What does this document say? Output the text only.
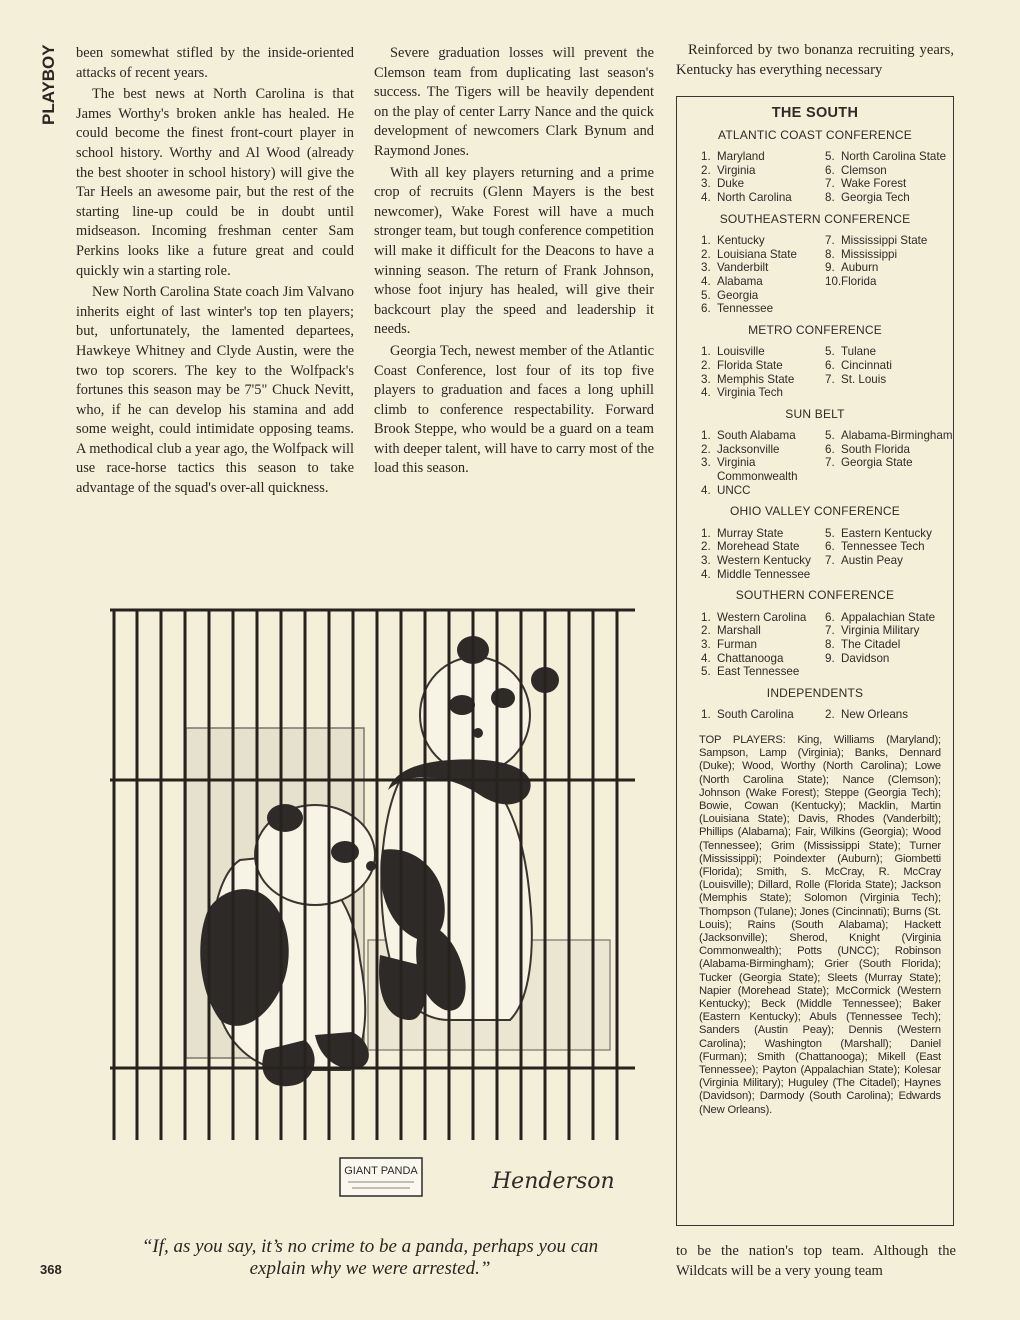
PLAYBOY been somewhat stifled by the inside-oriented attacks of recent years.

The best news at North Carolina is that James Worthy's broken ankle has healed. He could become the finest front-court player in school history. Worthy and Al Wood (already the best shooter in school history) will give the Tar Heels an awesome pair, but the rest of the starting line-up could be in doubt until midseason. Incoming freshman center Sam Perkins looks like a future great and could quickly win a starting role.

New North Carolina State coach Jim Valvano inherits eight of last winter's top ten players; but, unfortunately, the lamented departees, Hawkeye Whitney and Clyde Austin, were the two top scorers. The key to the Wolfpack's fortunes this season may be 7'5" Chuck Nevitt, who, if he can develop his stamina and add some weight, could intimidate opposing teams. A methodical club a year ago, the Wolfpack will use race-horse tactics this season to take advantage of the squad's over-all quickness.

Severe graduation losses will prevent the Clemson team from duplicating last season's success. The Tigers will be heavily dependent on the play of center Larry Nance and the quick development of newcomers Clark Bynum and Raymond Jones.

With all key players returning and a prime crop of recruits (Glenn Mayers is the best newcomer), Wake Forest will have a much stronger team, but tough conference competition will make it difficult for the Deacons to have a winning season. The return of Frank Johnson, whose foot injury has healed, will give their backcourt play the speed and leadership it needs.

Georgia Tech, newest member of the Atlantic Coast Conference, lost four of its top five players to graduation and faces a long uphill climb to conference respectability. Forward Brook Steppe, who would be a guard on a team with deeper talent, will have to carry most of the load this season.

Reinforced by two bonanza recruiting years, Kentucky has everything necessary

THE SOUTH
ATLANTIC COAST CONFERENCE
1. Maryland
2. Virginia
3. Duke
4. North Carolina
5. North Carolina State
6. Clemson
7. Wake Forest
8. Georgia Tech
SOUTHEASTERN CONFERENCE
1. Kentucky
2. Louisiana State
3. Vanderbilt
4. Alabama
5. Georgia
6. Tennessee
7. Mississippi State
8. Mississippi
9. Auburn
10. Florida
METRO CONFERENCE
1. Louisville
2. Florida State
3. Memphis State
4. Virginia Tech
5. Tulane
6. Cincinnati
7. St. Louis
SUN BELT
1. South Alabama
2. Jacksonville
3. Virginia Commonwealth
4. UNCC
5. Alabama-Birmingham
6. South Florida
7. Georgia State
OHIO VALLEY CONFERENCE
1. Murray State
2. Morehead State
3. Western Kentucky
4. Middle Tennessee
5. Eastern Kentucky
6. Tennessee Tech
7. Austin Peay
SOUTHERN CONFERENCE
1. Western Carolina
2. Marshall
3. Furman
4. Chattanooga
5. East Tennessee
6. Appalachian State
7. Virginia Military
8. The Citadel
9. Davidson
INDEPENDENTS
1. South Carolina	2. New Orleans
TOP PLAYERS: King, Williams (Maryland); Sampson, Lamp (Virginia); Banks, Dennard (Duke); Wood, Worthy (North Carolina); Lowe (North Carolina State); Nance (Clemson); Johnson (Wake Forest); Steppe (Georgia Tech); Bowie, Cowan (Kentucky); Macklin, Martin (Louisiana State); Davis, Rhodes (Vanderbilt); Phillips (Alabama); Fair, Wilkins (Georgia); Wood (Tennessee); Grim (Mississippi State); Turner (Mississippi); Poindexter (Auburn); Giombetti (Florida); Smith, S. McCray, R. McCray (Louisville); Dillard, Rolle (Florida State); Jackson (Memphis State); Solomon (Virginia Tech); Thompson (Tulane); Jones (Cincinnati); Burns (St. Louis); Rains (South Alabama); Hackett (Jacksonville); Sherod, Knight (Virginia Commonwealth); Potts (UNCC); Robinson (Alabama-Birmingham); Grier (South Florida); Tucker (Georgia State); Sleets (Murray State); Napier (Morehead State); McCormick (Western Kentucky); Beck (Middle Tennessee); Baker (Eastern Kentucky); Abuls (Tennessee Tech); Sanders (Austin Peay); Dennis (Western Carolina); Washington (Marshall); Daniel (Furman); Smith (Chattanooga); Mikell (East Tennessee); Payton (Appalachian State); Kolesar (Virginia Military); Huguley (The Citadel); Haynes (Davidson); Darmody (South Carolina); Edwards (New Orleans).
GIANT PANDA	Henderson
“If, as you say, it’s no crime to be a panda, perhaps you can explain why we were arrested.”
368

to be the nation's top team. Although the Wildcats will be a very young team
